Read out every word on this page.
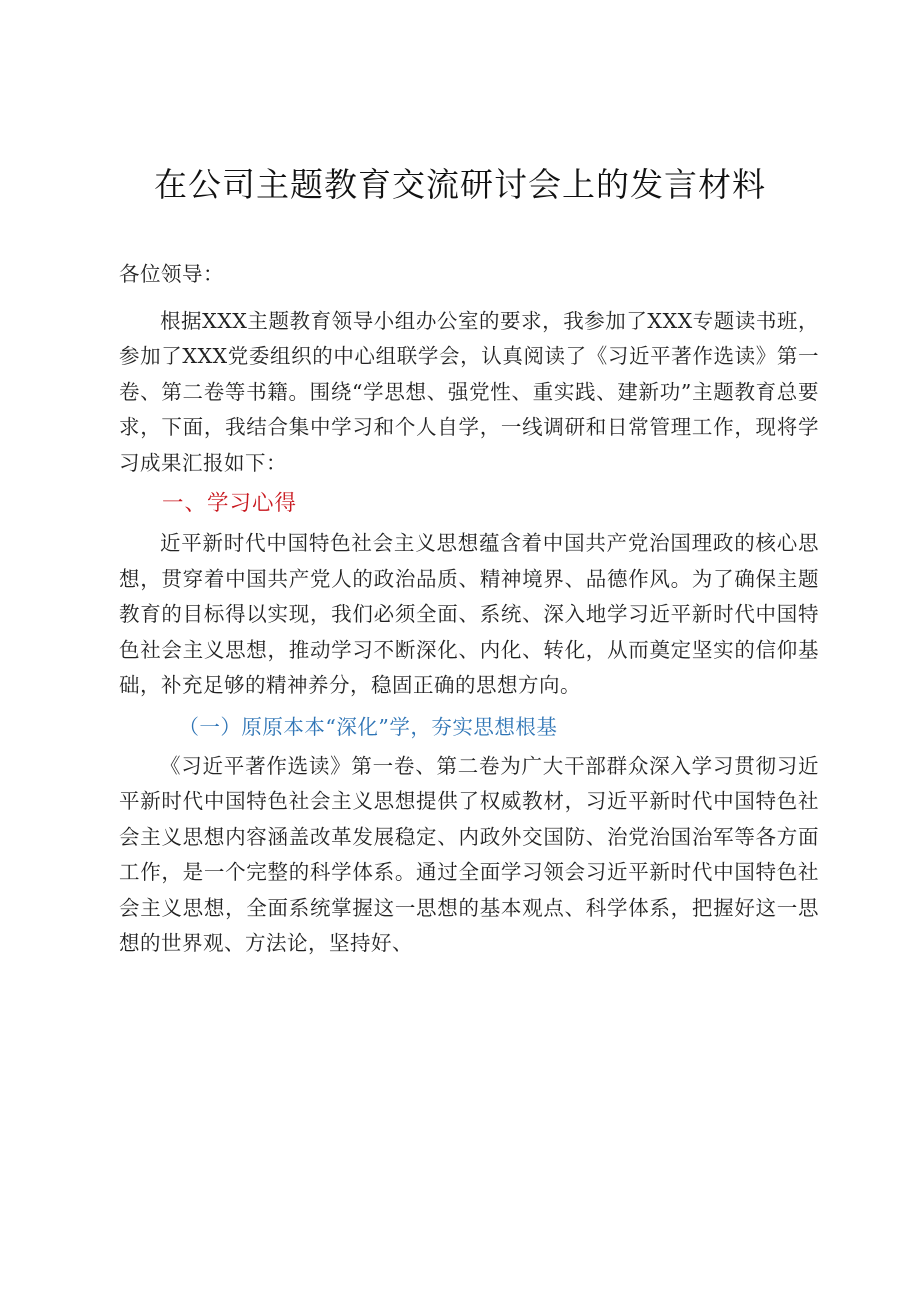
在公司主题教育交流研讨会上的发言材料

各位领导：

根据XXX主题教育领导小组办公室的要求，我参加了XXX专题读书班，参加了XXX党委组织的中心组联学会，认真阅读了《习近平著作选读》第一卷、第二卷等书籍。围绕“学思想、强党性、重实践、建新功”主题教育总要求，下面，我结合集中学习和个人自学，一线调研和日常管理工作，现将学习成果汇报如下：

一、学习心得

近平新时代中国特色社会主义思想蕴含着中国共产党治国理政的核心思想，贯穿着中国共产党人的政治品质、精神境界、品德作风。为了确保主题教育的目标得以实现，我们必须全面、系统、深入地学习近平新时代中国特色社会主义思想，推动学习不断深化、内化、转化，从而奠定坚实的信仰基础，补充足够的精神养分，稳固正确的思想方向。

（一）原原本本“深化”学，夯实思想根基

《习近平著作选读》第一卷、第二卷为广大干部群众深入学习贯彻习近平新时代中国特色社会主义思想提供了权威教材，习近平新时代中国特色社会主义思想内容涵盖改革发展稳定、内政外交国防、治党治国治军等各方面工作，是一个完整的科学体系。通过全面学习领会习近平新时代中国特色社会主义思想，全面系统掌握这一思想的基本观点、科学体系，把握好这一思想的世界观、方法论，坚持好、
